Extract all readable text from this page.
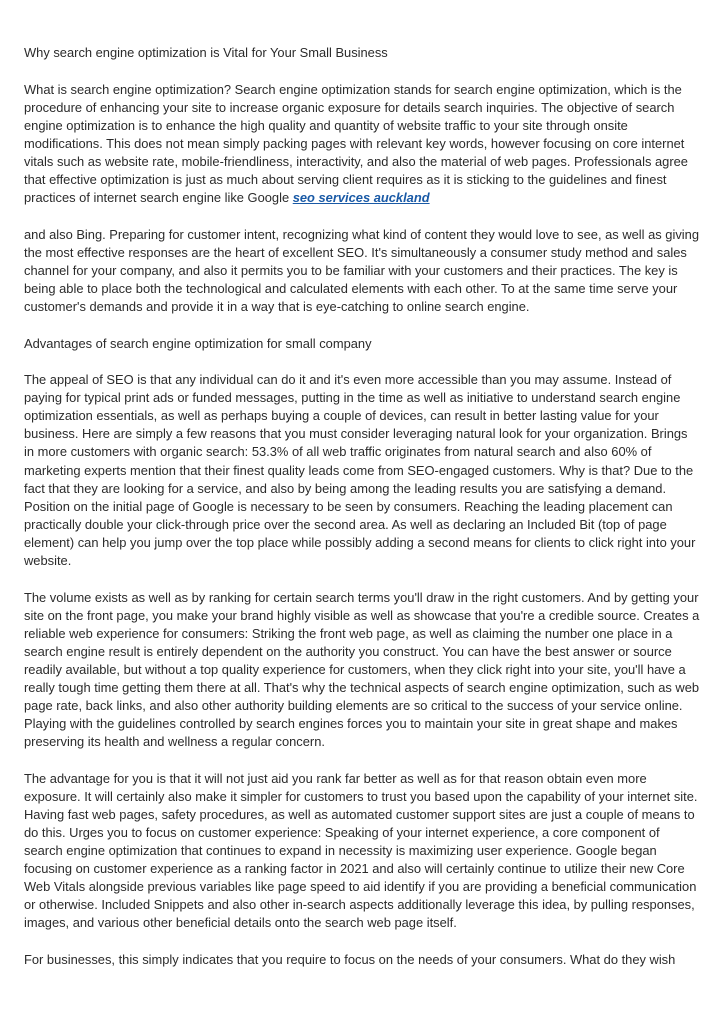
Why search engine optimization is Vital for Your Small Business

What is search engine optimization? Search engine optimization stands for search engine optimization, which is the procedure of enhancing your site to increase organic exposure for details search inquiries. The objective of search engine optimization is to enhance the high quality and quantity of website traffic to your site through onsite modifications. This does not mean simply packing pages with relevant key words, however focusing on core internet vitals such as website rate, mobile-friendliness, interactivity, and also the material of web pages. Professionals agree that effective optimization is just as much about serving client requires as it is sticking to the guidelines and finest practices of internet search engine like Google seo services auckland

and also Bing. Preparing for customer intent, recognizing what kind of content they would love to see, as well as giving the most effective responses are the heart of excellent SEO. It's simultaneously a consumer study method and sales channel for your company, and also it permits you to be familiar with your customers and their practices. The key is being able to place both the technological and calculated elements with each other. To at the same time serve your customer's demands and provide it in a way that is eye-catching to online search engine.

Advantages of search engine optimization for small company

The appeal of SEO is that any individual can do it and it's even more accessible than you may assume. Instead of paying for typical print ads or funded messages, putting in the time as well as initiative to understand search engine optimization essentials, as well as perhaps buying a couple of devices, can result in better lasting value for your business. Here are simply a few reasons that you must consider leveraging natural look for your organization. Brings in more customers with organic search: 53.3% of all web traffic originates from natural search and also 60% of marketing experts mention that their finest quality leads come from SEO-engaged customers. Why is that? Due to the fact that they are looking for a service, and also by being among the leading results you are satisfying a demand. Position on the initial page of Google is necessary to be seen by consumers. Reaching the leading placement can practically double your click-through price over the second area. As well as declaring an Included Bit (top of page element) can help you jump over the top place while possibly adding a second means for clients to click right into your website.

The volume exists as well as by ranking for certain search terms you'll draw in the right customers. And by getting your site on the front page, you make your brand highly visible as well as showcase that you're a credible source. Creates a reliable web experience for consumers: Striking the front web page, as well as claiming the number one place in a search engine result is entirely dependent on the authority you construct. You can have the best answer or source readily available, but without a top quality experience for customers, when they click right into your site, you'll have a really tough time getting them there at all. That's why the technical aspects of search engine optimization, such as web page rate, back links, and also other authority building elements are so critical to the success of your service online. Playing with the guidelines controlled by search engines forces you to maintain your site in great shape and makes preserving its health and wellness a regular concern.

The advantage for you is that it will not just aid you rank far better as well as for that reason obtain even more exposure. It will certainly also make it simpler for customers to trust you based upon the capability of your internet site. Having fast web pages, safety procedures, as well as automated customer support sites are just a couple of means to do this. Urges you to focus on customer experience: Speaking of your internet experience, a core component of search engine optimization that continues to expand in necessity is maximizing user experience. Google began focusing on customer experience as a ranking factor in 2021 and also will certainly continue to utilize their new Core Web Vitals alongside previous variables like page speed to aid identify if you are providing a beneficial communication or otherwise. Included Snippets and also other in-search aspects additionally leverage this idea, by pulling responses, images, and various other beneficial details onto the search web page itself.

For businesses, this simply indicates that you require to focus on the needs of your consumers. What do they wish
